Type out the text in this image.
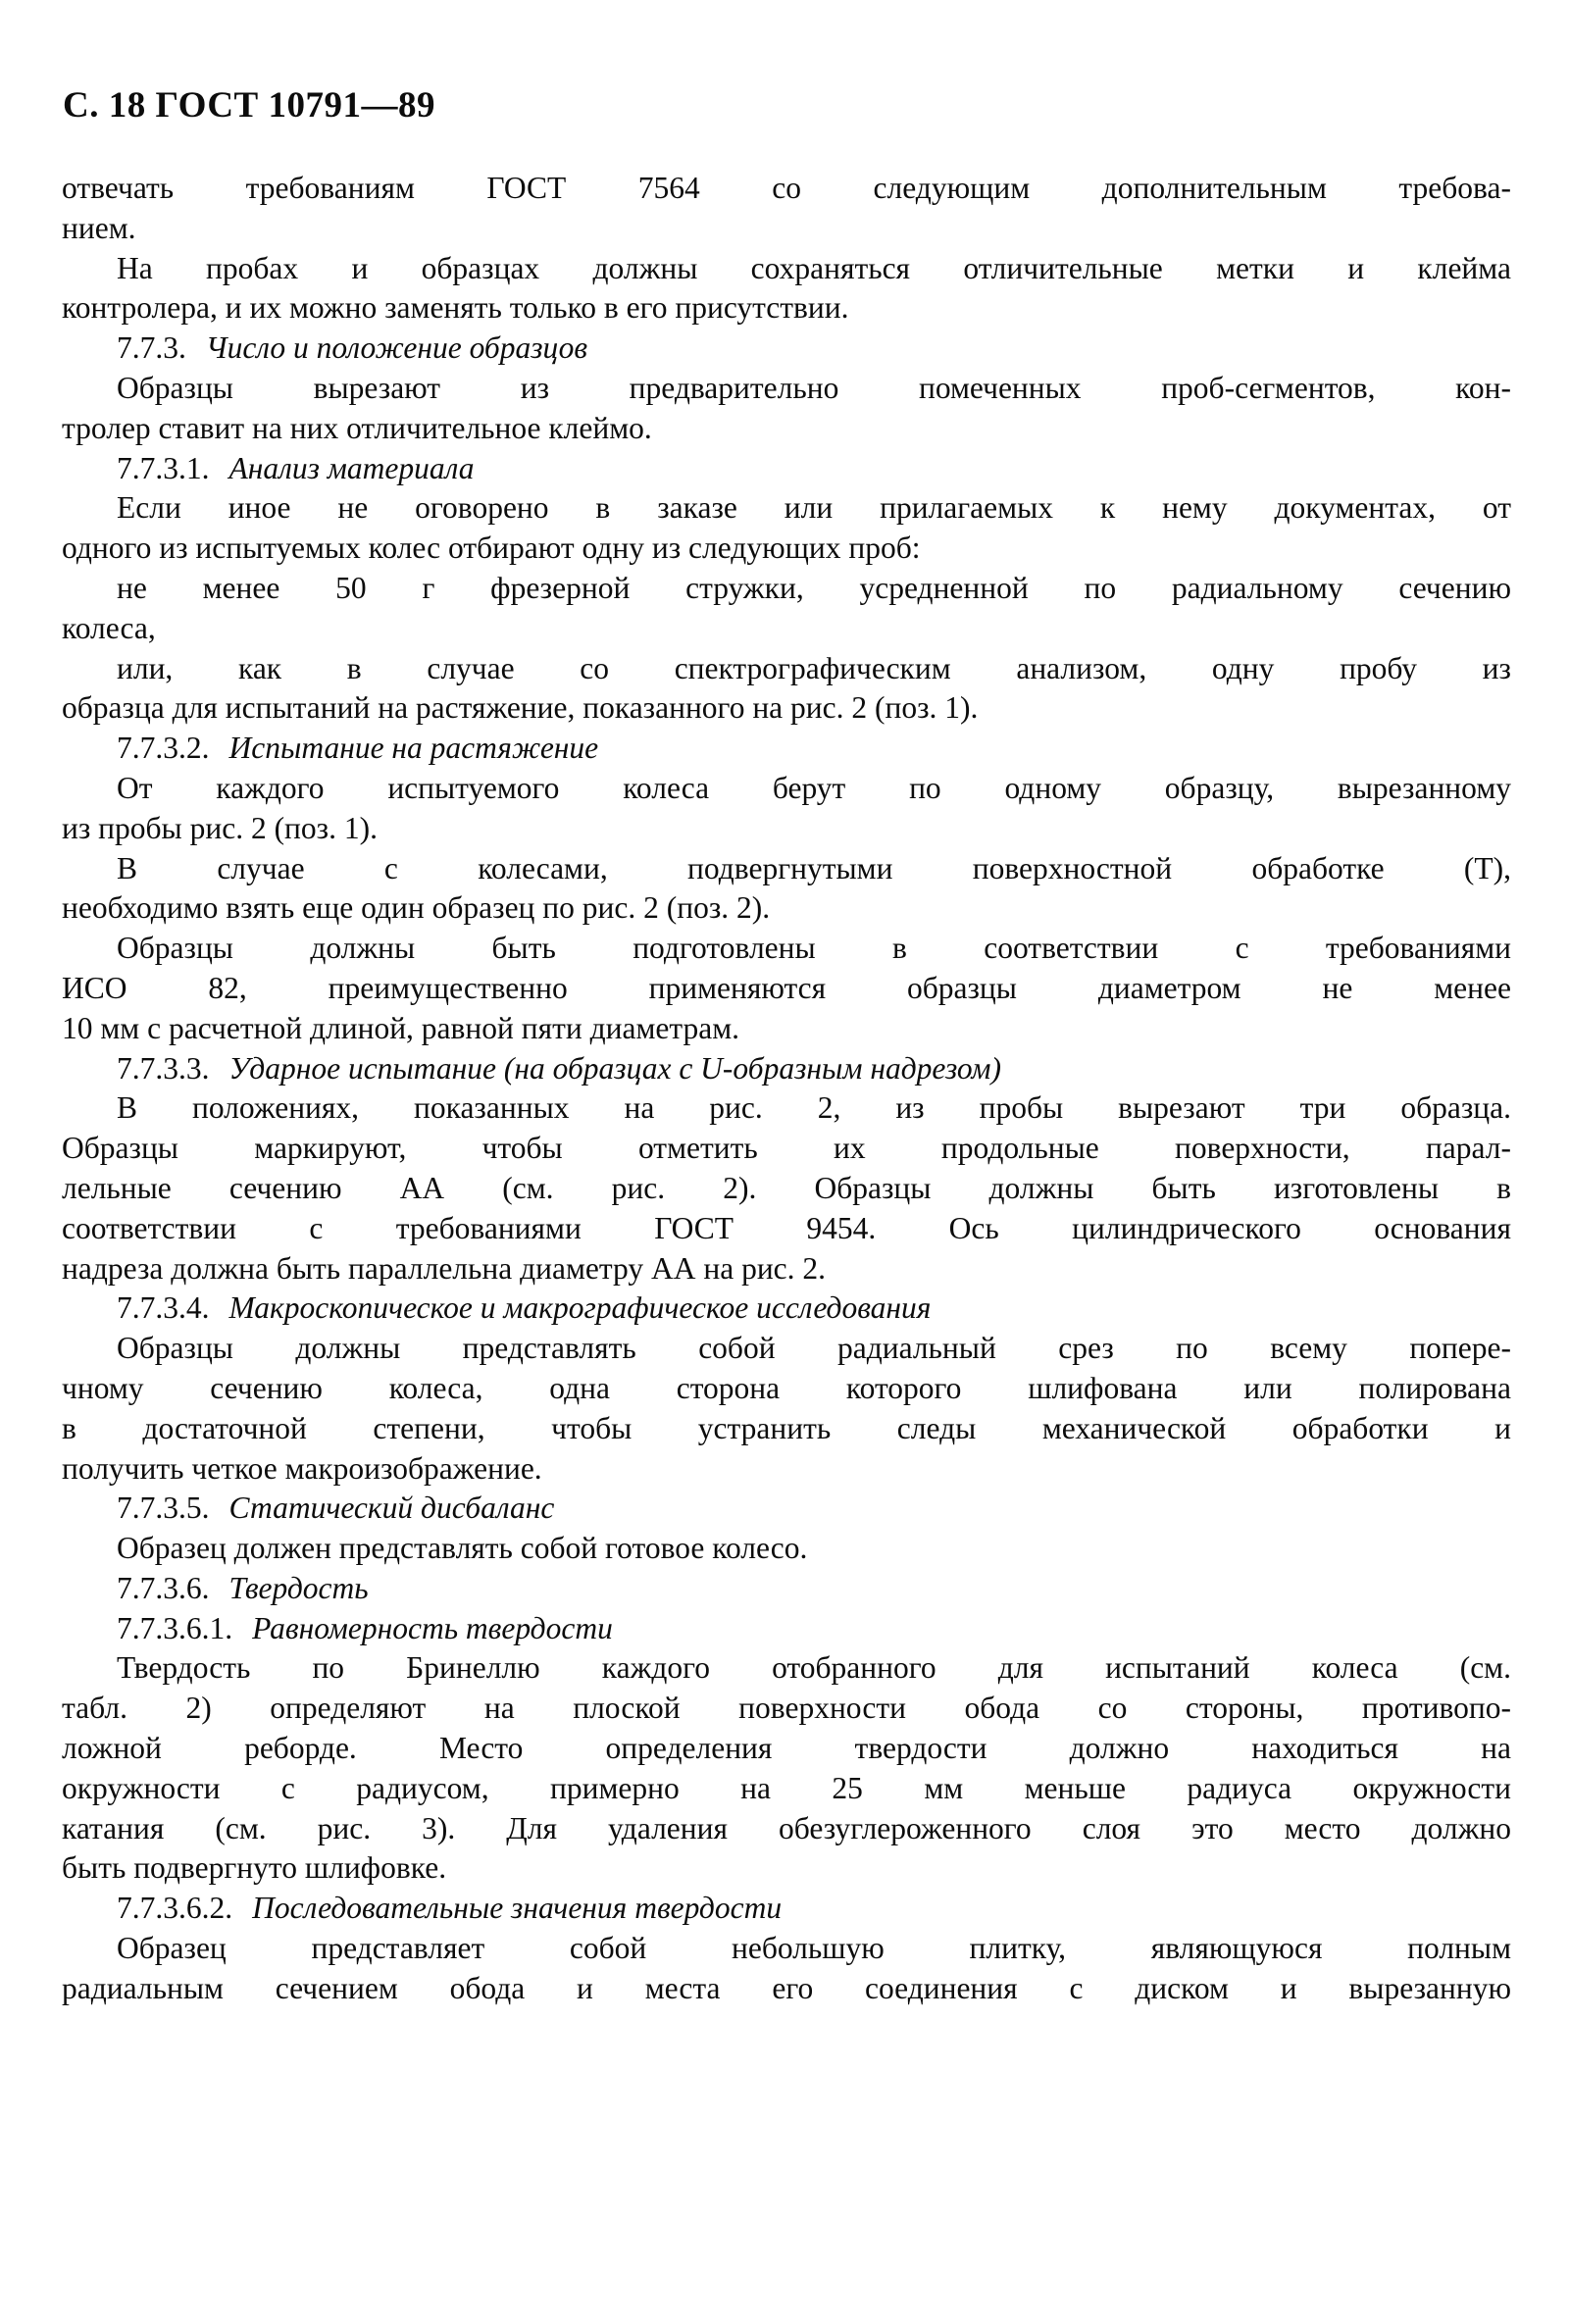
С. 18 ГОСТ 10791—89
отвечать требованиям ГОСТ 7564 со следующим дополнительным требова-
нием.
На пробах и образцах должны сохраняться отличительные метки и клейма
контролера, и их можно заменять только в его присутствии.
7.7.3. Число и положение образцов
Образцы вырезают из предварительно помеченных проб-сегментов, кон-
тролер ставит на них отличительное клеймо.
7.7.3.1. Анализ материала
Если иное не оговорено в заказе или прилагаемых к нему документах, от
одного из испытуемых колес отбирают одну из следующих проб:
не менее 50 г фрезерной стружки, усредненной по радиальному сечению
колеса,
или, как в случае со спектрографическим анализом, одну пробу из
образца для испытаний на растяжение, показанного на рис. 2 (поз. 1).
7.7.3.2. Испытание на растяжение
От каждого испытуемого колеса берут по одному образцу, вырезанному
из пробы рис. 2 (поз. 1).
В случае с колесами, подвергнутыми поверхностной обработке (Т),
необходимо взять еще один образец по рис. 2 (поз. 2).
Образцы должны быть подготовлены в соответствии с требованиями
ИСО 82, преимущественно применяются образцы диаметром не менее
10 мм с расчетной длиной, равной пяти диаметрам.
7.7.3.3. Ударное испытание (на образцах с U-образным надрезом)
В положениях, показанных на рис. 2, из пробы вырезают три образца.
Образцы маркируют, чтобы отметить их продольные поверхности, парал-
лельные сечению АА (см. рис. 2). Образцы должны быть изготовлены в
соответствии с требованиями ГОСТ 9454. Ось цилиндрического основания
надреза должна быть параллельна диаметру АА на рис. 2.
7.7.3.4. Макроскопическое и макрографическое исследования
Образцы должны представлять собой радиальный срез по всему попере-
чному сечению колеса, одна сторона которого шлифована или полирована
в достаточной степени, чтобы устранить следы механической обработки и
получить четкое макроизображение.
7.7.3.5. Статический дисбаланс
Образец должен представлять собой готовое колесо.
7.7.3.6. Твердость
7.7.3.6.1. Равномерность твердости
Твердость по Бринеллю каждого отобранного для испытаний колеса (см.
табл. 2) определяют на плоской поверхности обода со стороны, противопо-
ложной реборде. Место определения твердости должно находиться на
окружности с радиусом, примерно на 25 мм меньше радиуса окружности
катания (см. рис. 3). Для удаления обезуглероженного слоя это место должно
быть подвергнуто шлифовке.
7.7.3.6.2. Последовательные значения твердости
Образец представляет собой небольшую плитку, являющуюся полным
радиальным сечением обода и места его соединения с диском и вырезанную
